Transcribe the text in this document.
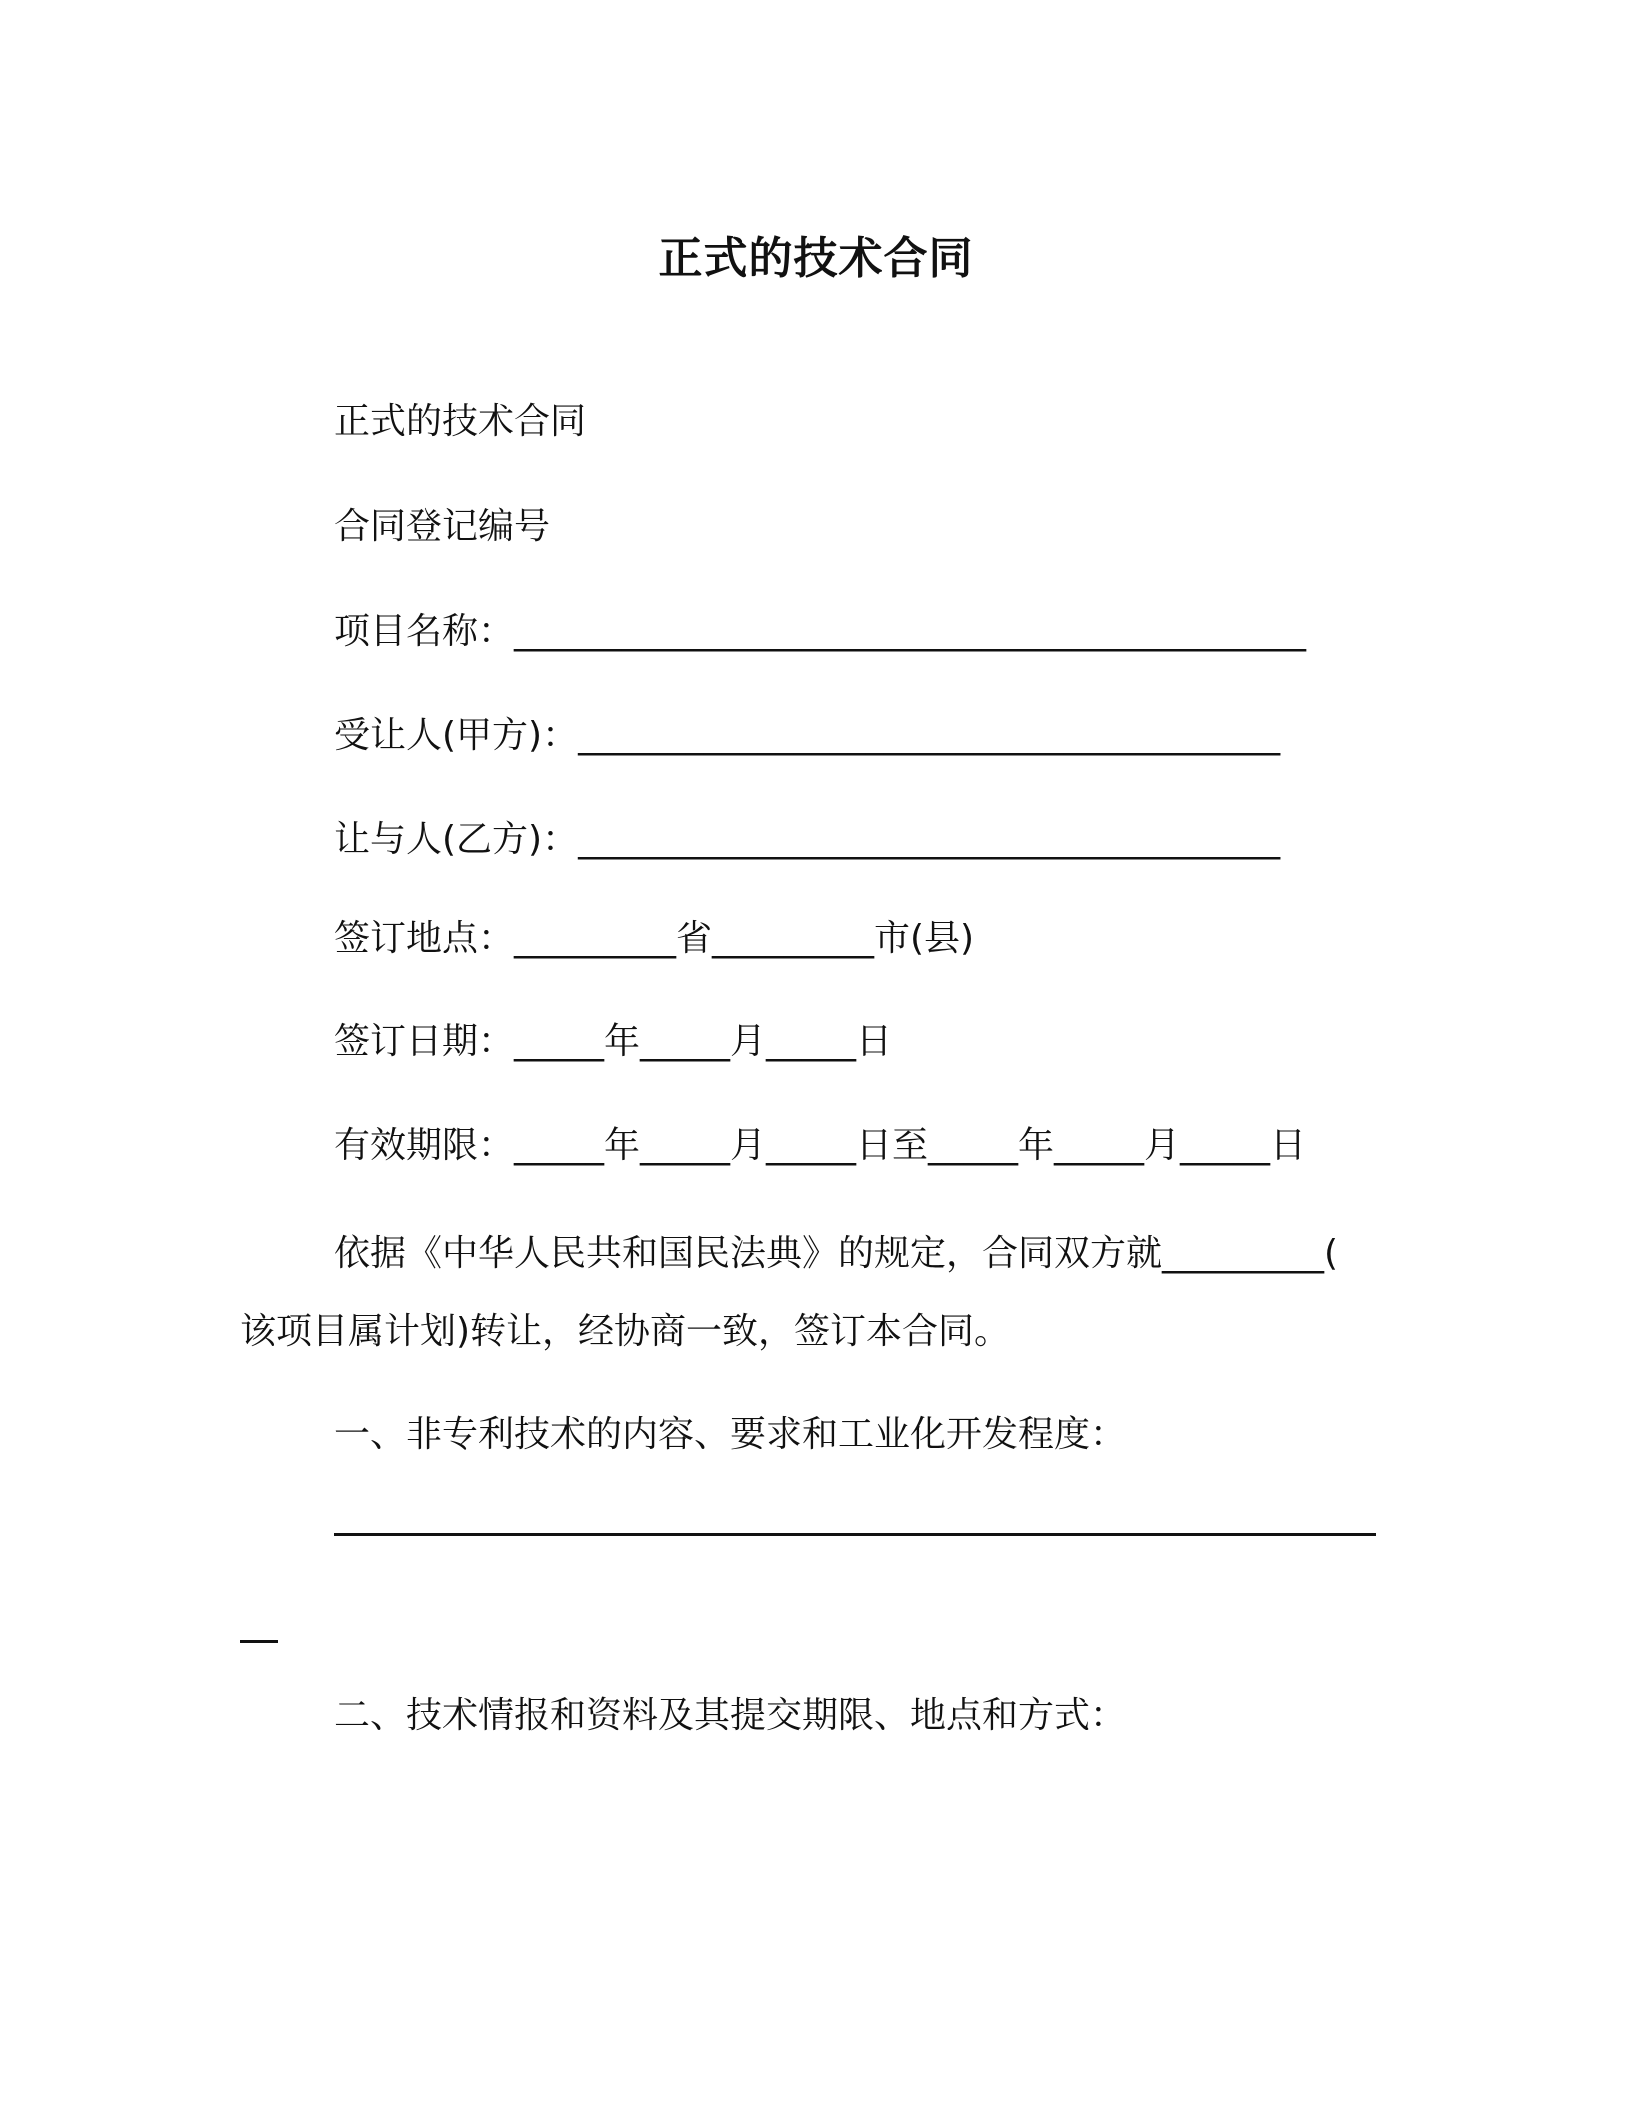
正式的技术合同

正式的技术合同

合同登记编号

项目名称：____________________________________________

受让人(甲方)：_______________________________________

让与人(乙方)：_______________________________________

签订地点：_________省_________市(县)

签订日期：_____年_____月_____日

有效期限：_____年_____月_____日至_____年_____月_____日

依据《中华人民共和国民法典》的规定，合同双方就_________(

该项目属计划)转让，经协商一致，签订本合同。

一、非专利技术的内容、要求和工业化开发程度：

二、技术情报和资料及其提交期限、地点和方式：
